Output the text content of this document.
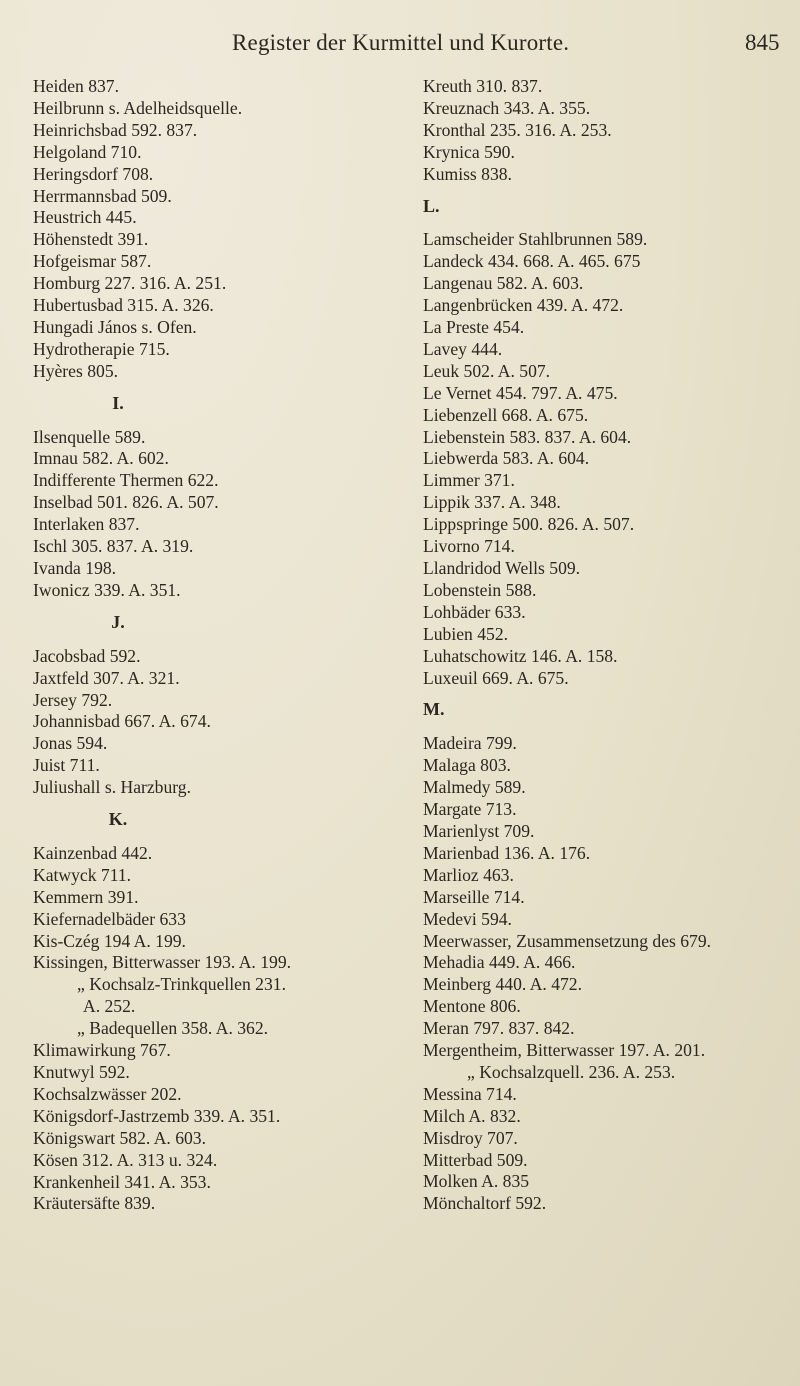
Register der Kurmittel und Kurorte.	845
Heiden 837.
Heilbrunn s. Adelheidsquelle.
Heinrichsbad 592. 837.
Helgoland 710.
Heringsdorf 708.
Herrmannsbad 509.
Heustrich 445.
Höhenstedt 391.
Hofgeismar 587.
Homburg 227. 316. A. 251.
Hubertusbad 315. A. 326.
Hungadi János s. Ofen.
Hydrotherapie 715.
Hyères 805.
I.
Ilsenquelle 589.
Imnau 582. A. 602.
Indifferente Thermen 622.
Inselbad 501. 826. A. 507.
Interlaken 837.
Ischl 305. 837. A. 319.
Ivanda 198.
Iwonicz 339. A. 351.
J.
Jacobsbad 592.
Jaxtfeld 307. A. 321.
Jersey 792.
Johannisbad 667. A. 674.
Jonas 594.
Juist 711.
Juliushall s. Harzburg.
K.
Kainzenbad 442.
Katwyck 711.
Kemmern 391.
Kiefernadelbäder 633
Kis-Czég 194 A. 199.
Kissingen, Bitterwasser 193. A. 199.
„ Kochsalz-Trinkquellen 231.
A. 252.
„ Badequellen 358. A. 362.
Klimawirkung 767.
Knutwyl 592.
Kochsalzwässer 202.
Königsdorf-Jastrzemb 339. A. 351.
Königswart 582. A. 603.
Kösen 312. A. 313 u. 324.
Krankenheil 341. A. 353.
Kräutersäfte 839.
Kreuth 310. 837.
Kreuznach 343. A. 355.
Kronthal 235. 316. A. 253.
Krynica 590.
Kumiss 838.
L.
Lamscheider Stahlbrunnen 589.
Landeck 434. 668. A. 465. 675
Langenau 582. A. 603.
Langenbrücken 439. A. 472.
La Preste 454.
Lavey 444.
Leuk 502. A. 507.
Le Vernet 454. 797. A. 475.
Liebenzell 668. A. 675.
Liebenstein 583. 837. A. 604.
Liebwerda 583. A. 604.
Limmer 371.
Lippik 337. A. 348.
Lippspringe 500. 826. A. 507.
Livorno 714.
Llandridod Wells 509.
Lobenstein 588.
Lohbäder 633.
Lubien 452.
Luhatschowitz 146. A. 158.
Luxeuil 669. A. 675.
M.
Madeira 799.
Malaga 803.
Malmedy 589.
Margate 713.
Marienlyst 709.
Marienbad 136. A. 176.
Marlioz 463.
Marseille 714.
Medevi 594.
Meerwasser, Zusammensetzung des 679.
Mehadia 449. A. 466.
Meinberg 440. A. 472.
Mentone 806.
Meran 797. 837. 842.
Mergentheim, Bitterwasser 197. A. 201.
„ Kochsalzquell. 236. A. 253.
Messina 714.
Milch A. 832.
Misdroy 707.
Mitterbad 509.
Molken A. 835
Mönchaltorf 592.
